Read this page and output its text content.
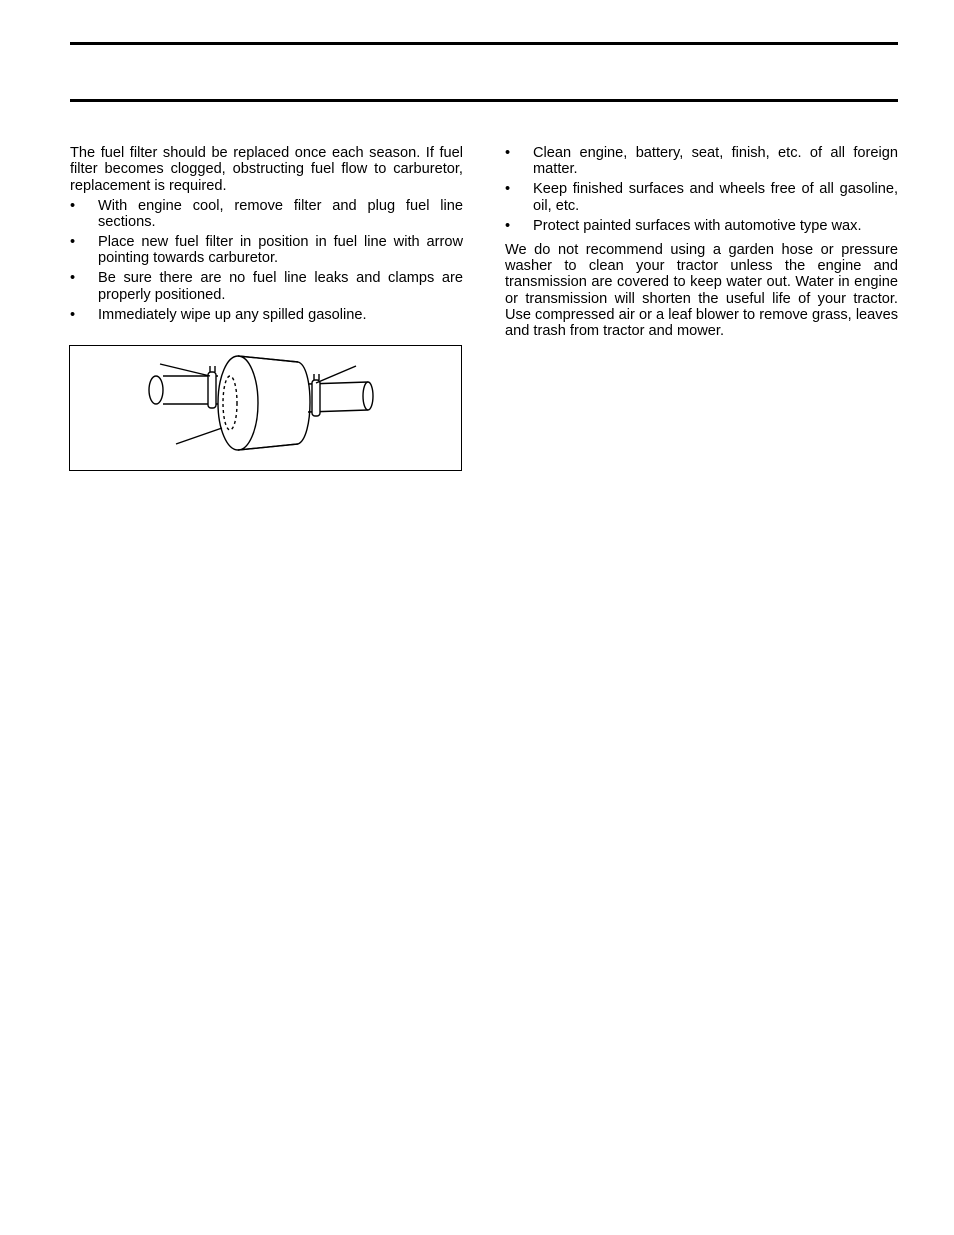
The fuel filter should be replaced once each season. If fuel filter becomes clogged, obstructing fuel flow to carburetor, replacement is required.

• With engine cool, remove filter and plug fuel line sections.
• Place new fuel filter in position in fuel line with arrow pointing towards carburetor.
• Be sure there are no fuel line leaks and clamps are properly positioned.
• Immediately wipe up any spilled gasoline.
• Clean engine, battery, seat, finish, etc. of all foreign matter.
• Keep finished surfaces and wheels free of all gasoline, oil, etc.
• Protect painted surfaces with automotive type wax.

We do not recommend using a garden hose or pressure washer to clean your tractor unless the engine and transmission are covered to keep water out. Water in engine or transmission will shorten the useful life of your tractor. Use compressed air or a leaf blower to remove grass, leaves and trash from tractor and mower.
